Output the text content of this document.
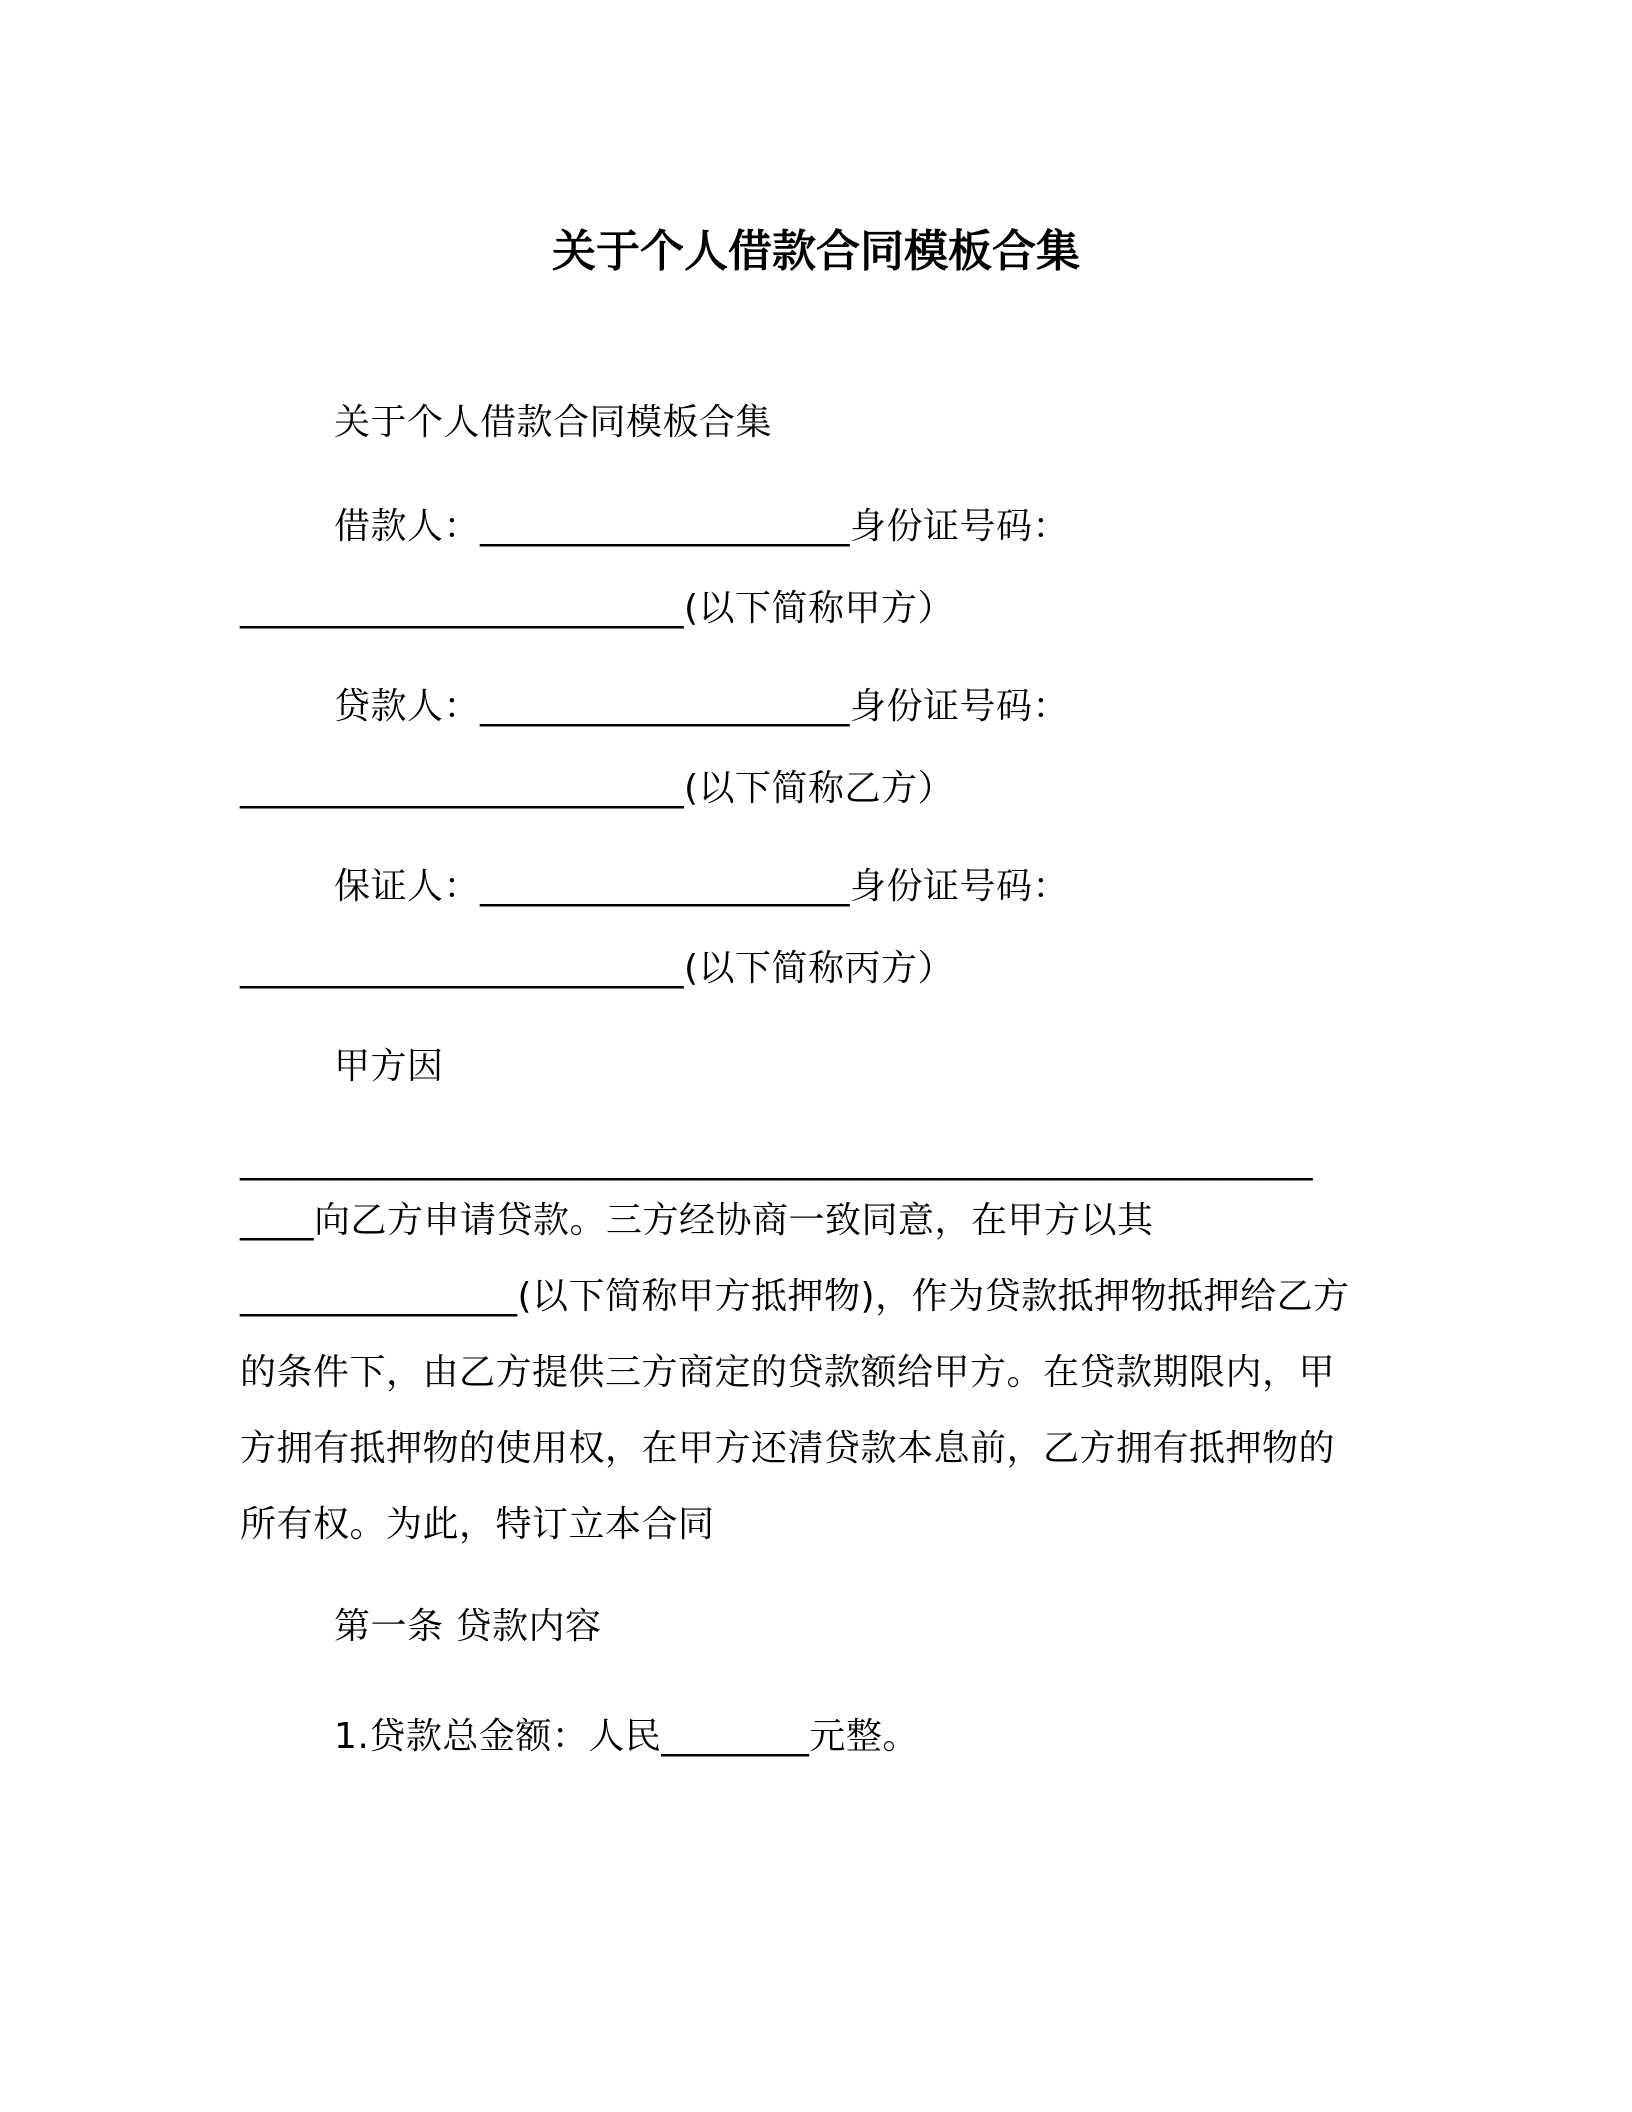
关于个人借款合同模板合集
关于个人借款合同模板合集
借款人：____________________身份证号码：
________________________(以下简称甲方）
贷款人：____________________身份证号码：
________________________(以下简称乙方）
保证人：____________________身份证号码：
________________________(以下简称丙方）
甲方因
__________________________________________________________
____向乙方申请贷款。三方经协商一致同意，在甲方以其
_______________(以下简称甲方抵押物)，作为贷款抵押物抵押给乙方
的条件下，由乙方提供三方商定的贷款额给甲方。在贷款期限内，甲
方拥有抵押物的使用权，在甲方还清贷款本息前，乙方拥有抵押物的
所有权。为此，特订立本合同
第一条 贷款内容
1.贷款总金额：人民________元整。
